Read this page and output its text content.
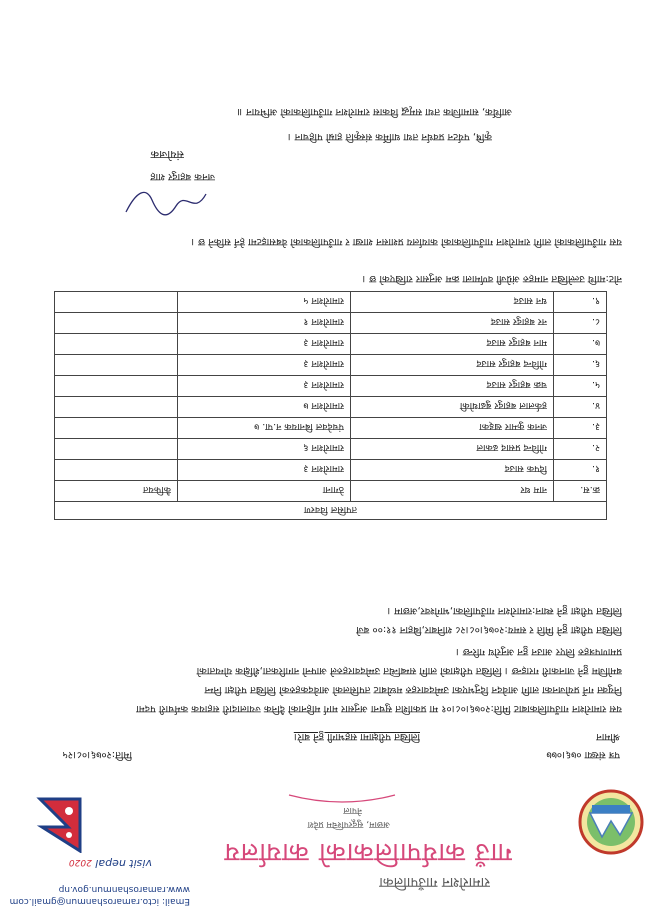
Email: icto.ramaroshanmun@gmail.com
www.ramaroshanmun.gov.np	रामारोशन गाउँपालिका
गाउँ कार्यपालिकाको कार्यालय
अछाम, सुदूरपश्चिम प्रदेश
नेपाल
visit nepal 2020
पत्र संख्या ०७६।०७७
मिति:२०७६।०८।२५
श्रीमान
लिखित परीक्षामा सहभागी हुने बारे।
यस रामारोशन गाउँपालिकाबाट मिति:२०७६।०८।०१ मा प्रकाशित सुचना अनुसार मार्ग महिनाको दैनिक ज्यालादारी सहायक कर्मचारी पदमा
नियुक्त गर्ने प्रयोजनका लागि आवेदन दिनुभएका उम्मेदवारहरु मध्येबाट तपसिलको आवेदकहरुको लिखित परीक्षा निम्न
बमोजिम हुने जानकारी गराइन्छ । लिखित परीक्षाको लागि सम्बन्धित उम्मेदवारहरुले आफ्नो नागरिकता,शैक्षिक योग्यताको
प्रमाणपत्रहरु लिएर आउन हुन अनुरोध गरिन्छ ।
लिखित परीक्षा हुने मिति र समय:२०७६।०८।२८ शनिबार,बिहान ११:०० बजे
लिखित परीक्षा हुने स्थान:रामारोशन गाउँपालिका,भागेश्वर,अछाम ।
तपसिल विवरण			
क्र.स.	नाम थर	ठेगाना	कैफियत
१.	दिपक साउद	रामारोशन ३	
२.	गोविन्द प्रसाद ढकाल	रामारोशन ६	
३.	जनक कुमार खड्का	पंचदेवल बिनायक न.पा. ७	
४.	हर्कलाल बहादुर बुढाथोकी	रामारोशन ७	
५.	चक्र बहादुर साउद	रामारोशन ३	
६.	गोविन्द बहादुर साउद	रामारोशन ३	
७.	मान बहादुर साउद	रामारोशन ३	
८.	नर बहादुर साउद	रामारोशन १	
९.	धन साउद	रामारोशन ५	
नोट:माथि उल्लेखित नामहरु अंग्रेजी वर्णमाला क्रम अनुसार राखिएको छ ।
यस गाउँपालिकाको लागि रामारोशन गाउँपालिकाको कार्यालय प्रशासन शाखा र गाउँपालिकाको वेबसाइटमा हेर्न सकिने छ ।
जनक बहादुर शाह
संयोजक
कृषि, पर्यटन प्रवर्धन तथा धार्मिक संस्कृति हाम्रो पहिचान ।
आर्थिक, सामाजिक तथा समृद्ध विकास रामारोशन गाउँपालिकाको अभियान ॥
